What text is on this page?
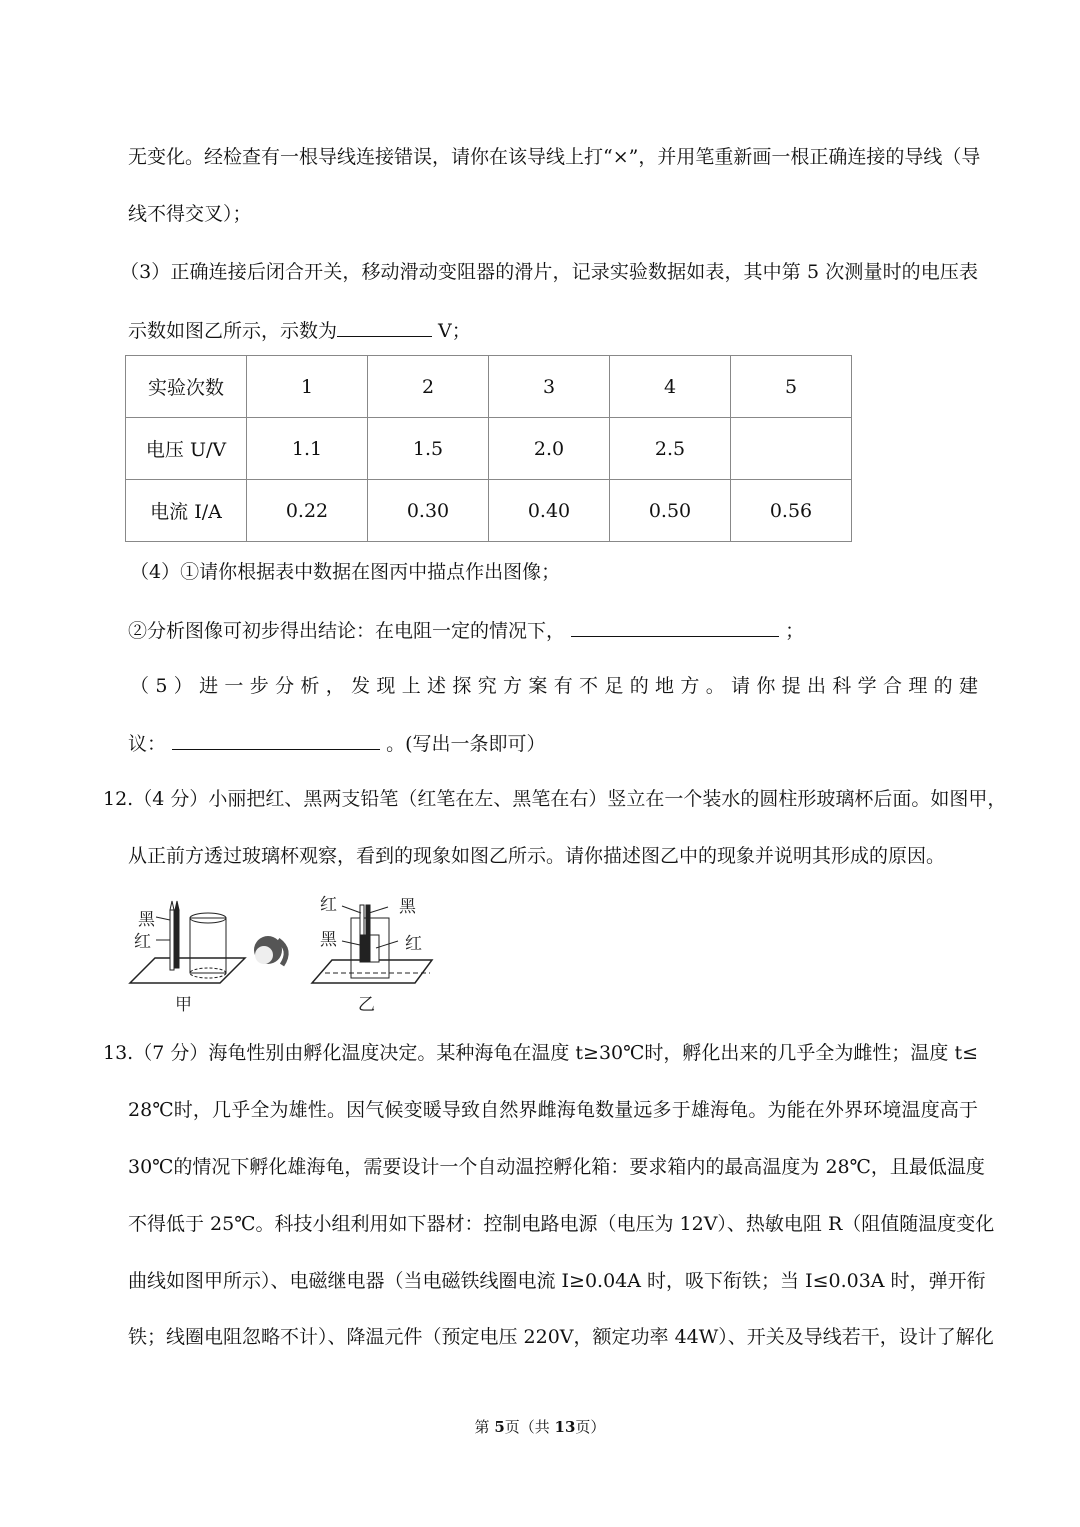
无变化。经检查有一根导线连接错误，请你在该导线上打“×”，并用笔重新画一根正确连接的导线（导
线不得交叉）；
（3）正确连接后闭合开关，移动滑动变阻器的滑片，记录实验数据如表，其中第 5 次测量时的电压表
示数如图乙所示，示数为	V；
实验次数	1	2	3	4	5
电压 U/V	1.1	1.5	2.0	2.5	
电流 I/A	0.22	0.30	0.40	0.50	0.56
（4）①请你根据表中数据在图丙中描点作出图像；
②分析图像可初步得出结论：在电阻一定的情况下，	；
（5）进一步分析，发现上述探究方案有不足的地方。请你提出科学合理的建
议：	。(写出一条即可）
12.（4 分）小丽把红、黑两支铅笔（红笔在左、黑笔在右）竖立在一个装水的圆柱形玻璃杯后面。如图甲，
从正前方透过玻璃杯观察，看到的现象如图乙所示。请你描述图乙中的现象并说明其形成的原因。
黑
红
甲
红	黑
黑	红
乙
13.（7 分）海龟性别由孵化温度决定。某种海龟在温度 t≥30℃时，孵化出来的几乎全为雌性；温度 t≤
28℃时，几乎全为雄性。因气候变暖导致自然界雌海龟数量远多于雄海龟。为能在外界环境温度高于
30℃的情况下孵化雄海龟，需要设计一个自动温控孵化箱：要求箱内的最高温度为 28℃，且最低温度
不得低于 25℃。科技小组利用如下器材：控制电路电源（电压为 12V）、热敏电阻 R（阻值随温度变化
曲线如图甲所示）、电磁继电器（当电磁铁线圈电流 I≥0.04A 时，吸下衔铁；当 I≤0.03A 时，弹开衔
铁；线圈电阻忽略不计）、降温元件（预定电压 220V，额定功率 44W）、开关及导线若干，设计了解化
第 5页（共 13页）
